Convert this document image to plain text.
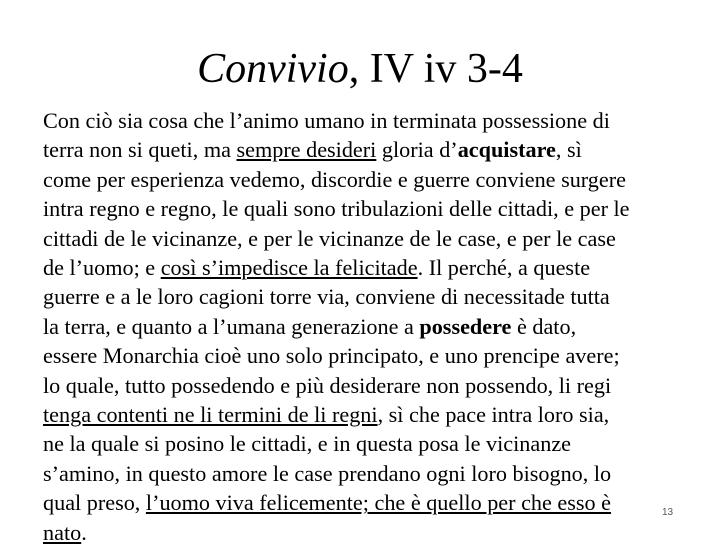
Convivio, IV iv 3-4
Con ciò sia cosa che l’animo umano in terminata possessione di
terra non si queti, ma sempre desideri gloria d’acquistare, sì
come per esperienza vedemo, discordie e guerre conviene surgere
intra regno e regno, le quali sono tribulazioni delle cittadi, e per le
cittadi de le vicinanze, e per le vicinanze de le case, e per le case
de l’uomo; e così s’impedisce la felicitade. Il perché, a queste
guerre e a le loro cagioni torre via, conviene di necessitade tutta
la terra, e quanto a l’umana generazione a possedere è dato,
essere Monarchia cioè uno solo principato, e uno prencipe avere;
lo quale, tutto possedendo e più desiderare non possendo, li regi
tenga contenti ne li termini de li regni, sì che pace intra loro sia,
ne la quale si posino le cittadi, e in questa posa le vicinanze
s’amino, in questo amore le case prendano ogni loro bisogno, lo
qual preso, l’uomo viva felicemente; che è quello per che esso è
nato.
13
